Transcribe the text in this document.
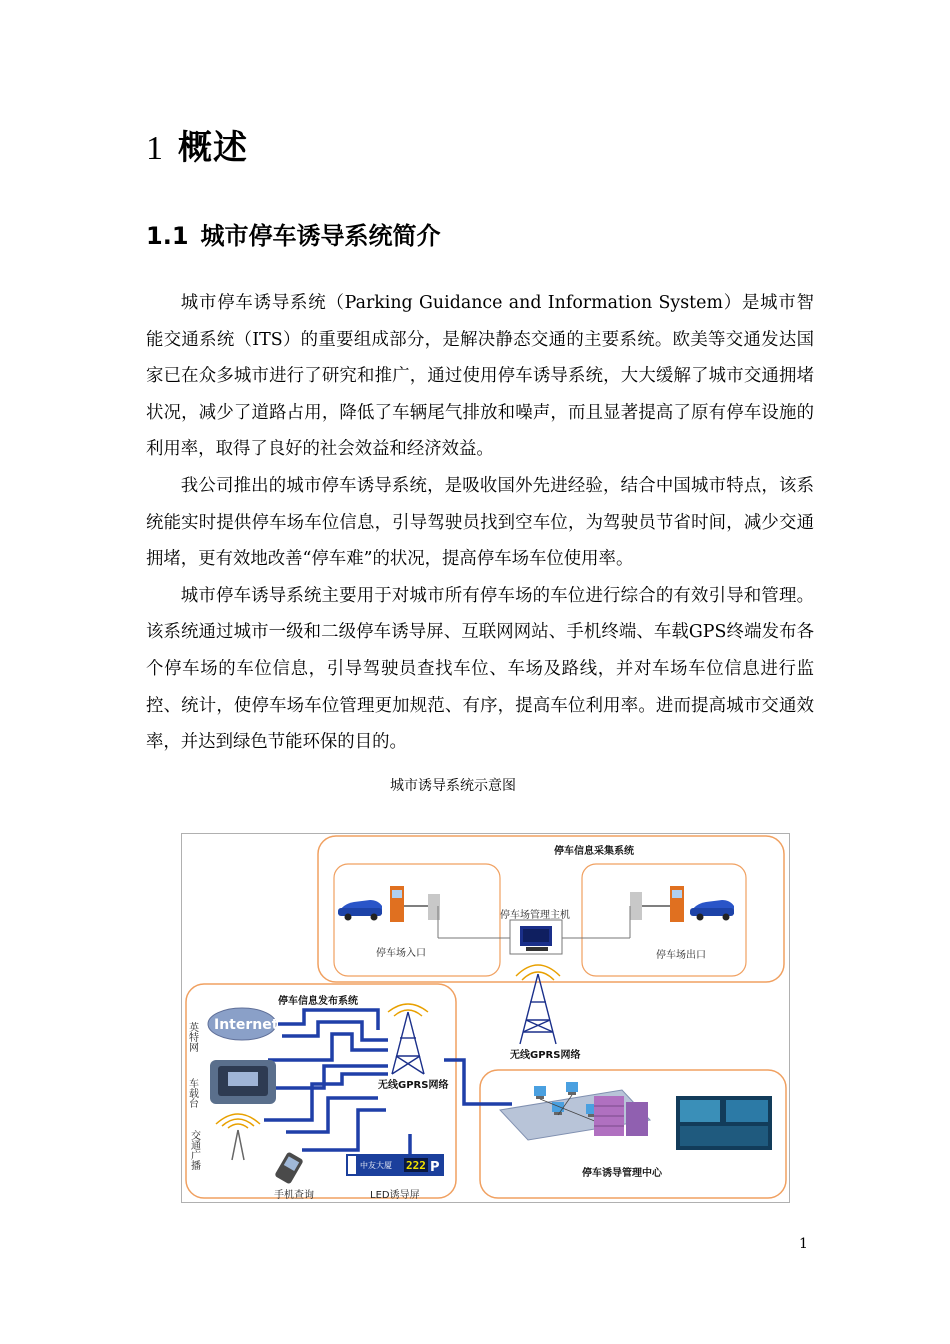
1 概述
1.1 城市停车诱导系统简介

城市停车诱导系统（Parking Guidance and Information System）是城市智能交通系统（ITS）的重要组成部分，是解决静态交通的主要系统。欧美等交通发达国家已在众多城市进行了研究和推广，通过使用停车诱导系统，大大缓解了城市交通拥堵状况，减少了道路占用，降低了车辆尾气排放和噪声，而且显著提高了原有停车设施的利用率，取得了良好的社会效益和经济效益。

我公司推出的城市停车诱导系统，是吸收国外先进经验，结合中国城市特点，该系统能实时提供停车场车位信息，引导驾驶员找到空车位，为驾驶员节省时间，减少交通拥堵，更有效地改善“停车难”的状况，提高停车场车位使用率。

城市停车诱导系统主要用于对城市所有停车场的车位进行综合的有效引导和管理。该系统通过城市一级和二级停车诱导屏、互联网网站、手机终端、车载GPS终端发布各个停车场的车位信息，引导驾驶员查找车位、车场及路线，并对车场车位信息进行监控、统计，使停车场车位管理更加规范、有序，提高车位利用率。进而提高城市交通效率，并达到绿色节能环保的目的。

城市诱导系统示意图
停车信息采集系统
停车信息发布系统
停车诱导管理中心
停车场入口	停车场出口
停车场管理主机
无线GPRS网络
无线GPRS网络
英特网
车载台
交通广播
Internet
手机查询
中友大厦 222 P
LED诱导屏
1
